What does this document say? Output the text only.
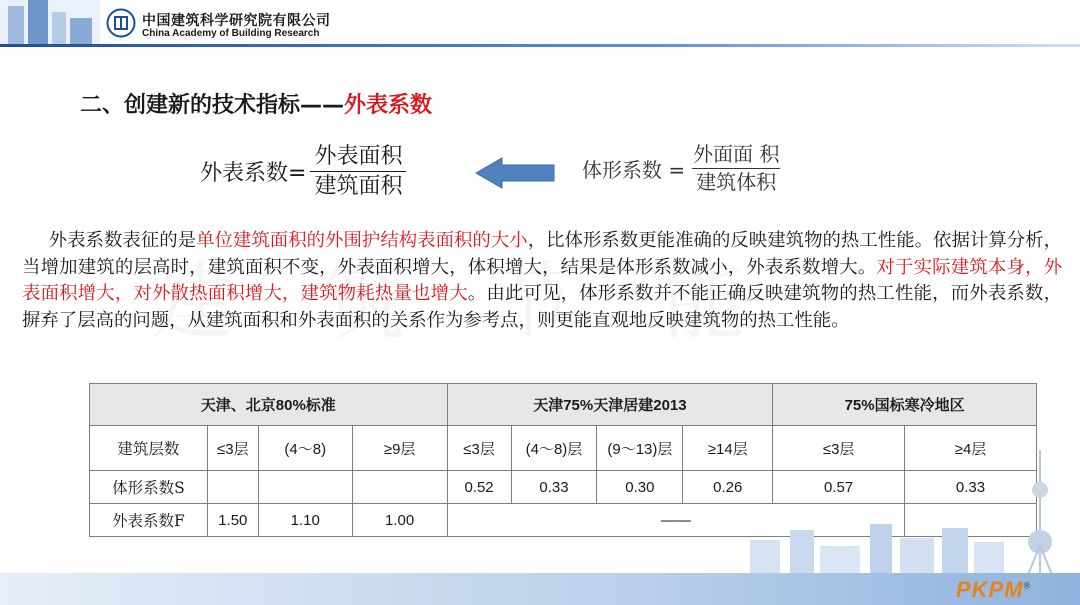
中国建筑科学研究院有限公司
China Academy of Building Research
二、创建新的技术指标——外表系数
外表系数= $\frac{\text{外表面积}}{\text{建筑面积}}$	体形系数 = $\frac{\text{外面面 积}}{\text{建筑体积}}$

外表系数表征的是单位建筑面积的外围护结构表面积的大小，比体形系数更能准确的反映建筑物的热工性能。依据计算分析，当增加建筑的层高时，建筑面积不变，外表面积增大，体积增大，结果是体形系数减小，外表系数增大。对于实际建筑本身，外表面积增大，对外散热面积增大，建筑物耗热量也增大。由此可见，体形系数并不能正确反映建筑物的热工性能，而外表系数，摒弃了层高的问题，从建筑面积和外表面积的关系作为参考点，则更能直观地反映建筑物的热工性能。

天津、北京80%标准				天津75%天津居建2013				75%国标寒冷地区	
建筑层数	≤3层	(4～8)	≥9层	≤3层	(4～8)层	(9～13)层	≥14层	≤3层	≥4层
体形系数S				0.52	0.33	0.30	0.26	0.57	0.33
外表系数F	1.50	1.10	1.00	——					
PKPM®
